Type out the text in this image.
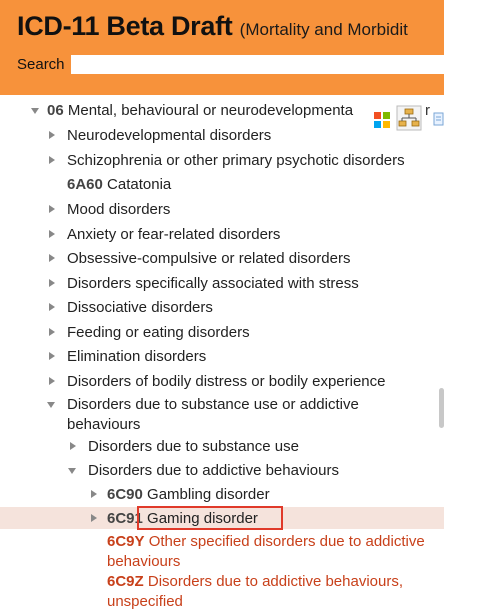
ICD-11 Beta Draft (Mortality and Morbidit
Search
06 Mental, behavioural or neurodevelopmenta	r
Neurodevelopmental disorders
Schizophrenia or other primary psychotic disorders
6A60 Catatonia
Mood disorders
Anxiety or fear-related disorders
Obsessive-compulsive or related disorders
Disorders specifically associated with stress
Dissociative disorders
Feeding or eating disorders
Elimination disorders
Disorders of bodily distress or bodily experience
Disorders due to substance use or addictive
behaviours
Disorders due to substance use
Disorders due to addictive behaviours
6C90 Gambling disorder
6C91 Gaming disorder
6C9Y Other specified disorders due to addictive
behaviours
6C9Z Disorders due to addictive behaviours,
unspecified
